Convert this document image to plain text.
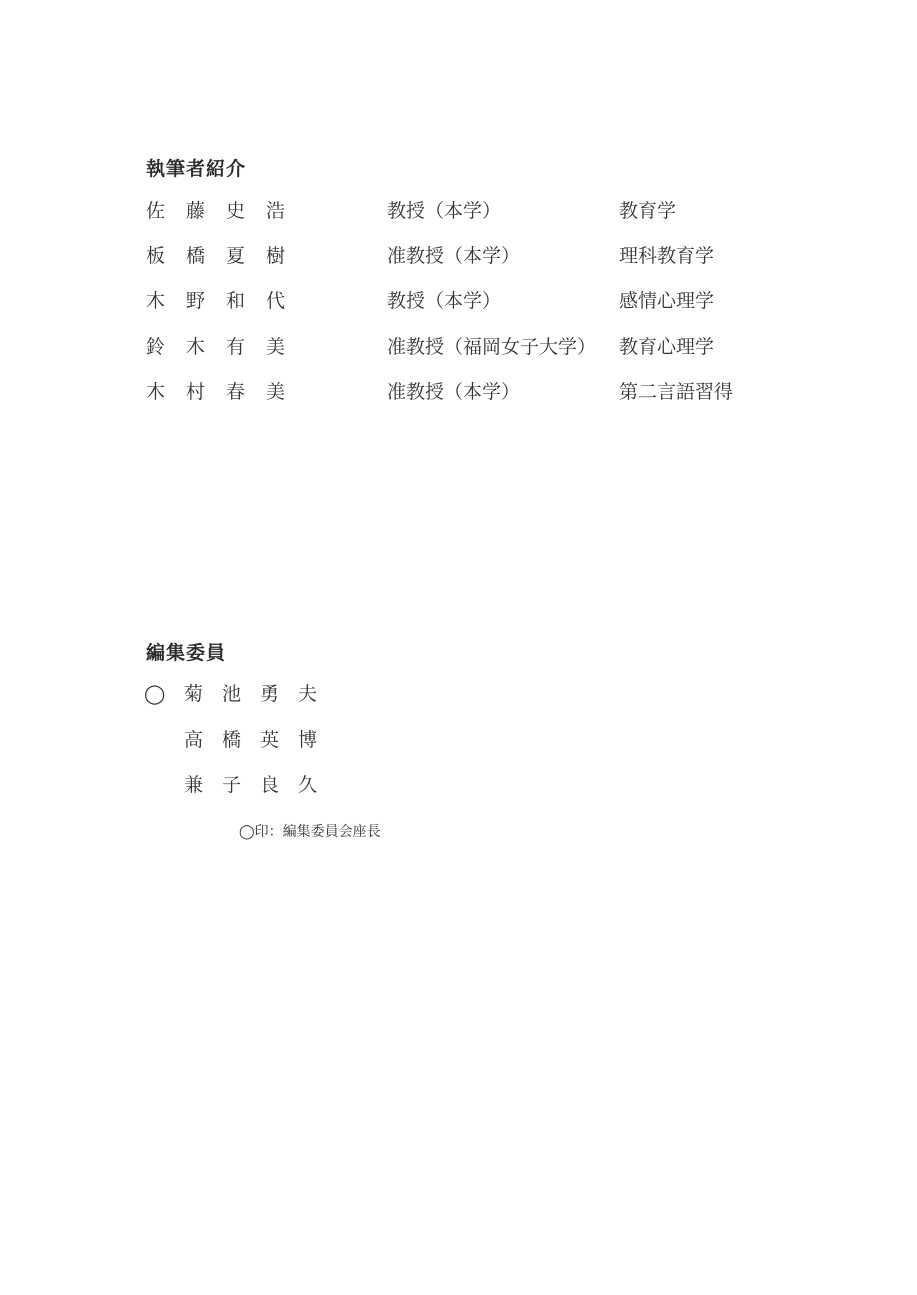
執筆者紹介
佐	藤	史	浩	教授（本学）	教育学
板	橋	夏	樹	准教授（本学）	理科教育学
木	野	和	代	教授（本学）	感情心理学
鈴	木	有	美	准教授（福岡女子大学） 教育心理学
木	村	春	美	准教授（本学）	第二言語習得
編集委員
◯ 菊 池 勇 夫
高 橋 英 博
兼 子 良 久
◯印：編集委員会座長
